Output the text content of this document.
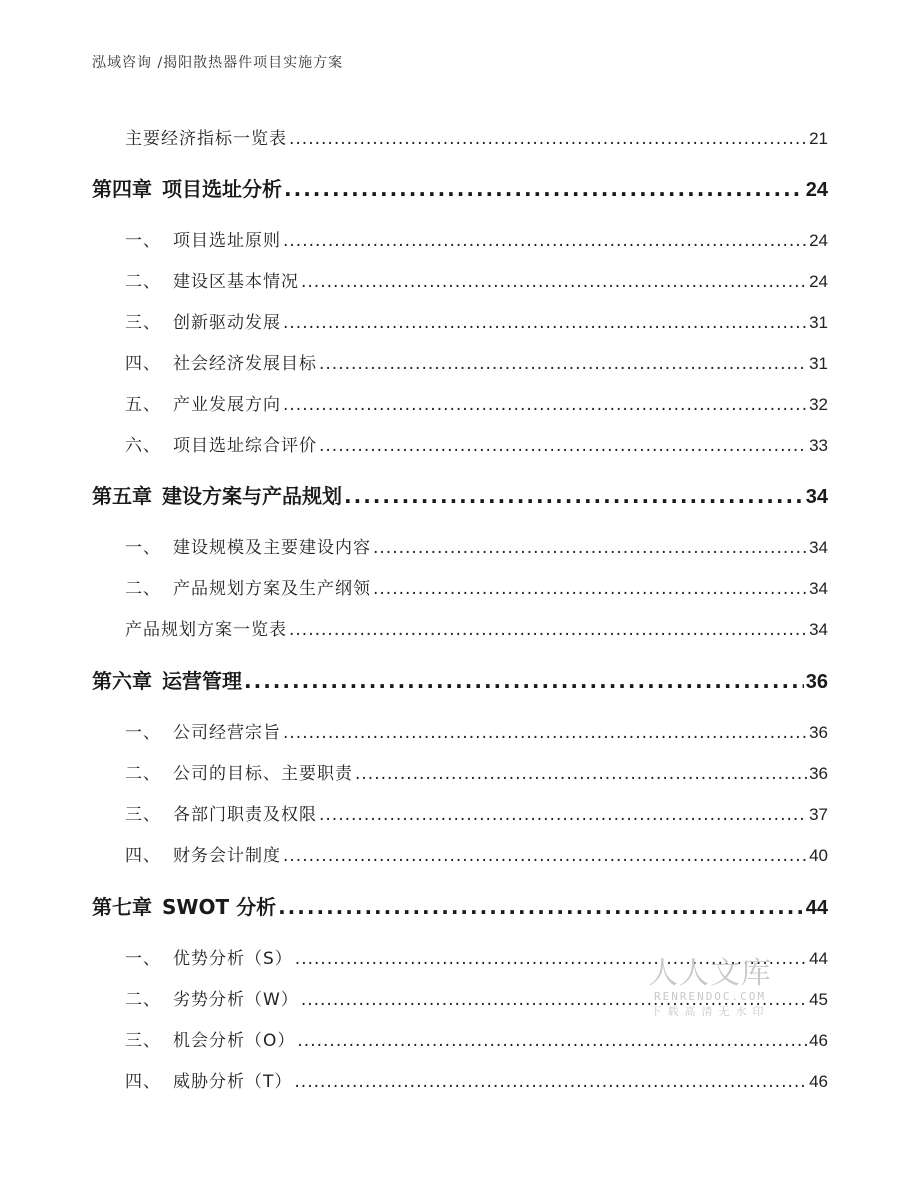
泓域咨询 /揭阳散热器件项目实施方案
主要经济指标一览表 .....	21
第四章 项目选址分析 .....	24
一、 项目选址原则 .....	24
二、 建设区基本情况 .....	24
三、 创新驱动发展 .....	31
四、 社会经济发展目标 .....	31
五、 产业发展方向 .....	32
六、 项目选址综合评价 .....	33
第五章 建设方案与产品规划 .....	34
一、 建设规模及主要建设内容 .....	34
二、 产品规划方案及生产纲领 .....	34
产品规划方案一览表 .....	34
第六章 运营管理 .....	36
一、 公司经营宗旨 .....	36
二、 公司的目标、主要职责 .....	36
三、 各部门职责及权限 .....	37
四、 财务会计制度 .....	40
第七章 SWOT 分析 .....	44
一、 优势分析（S） .....	44
二、 劣势分析（W） .....	45
三、 机会分析（O） .....	46
四、 威胁分析（T） .....	46
人人文库
RENRENDOC.COM
下载高清无水印
